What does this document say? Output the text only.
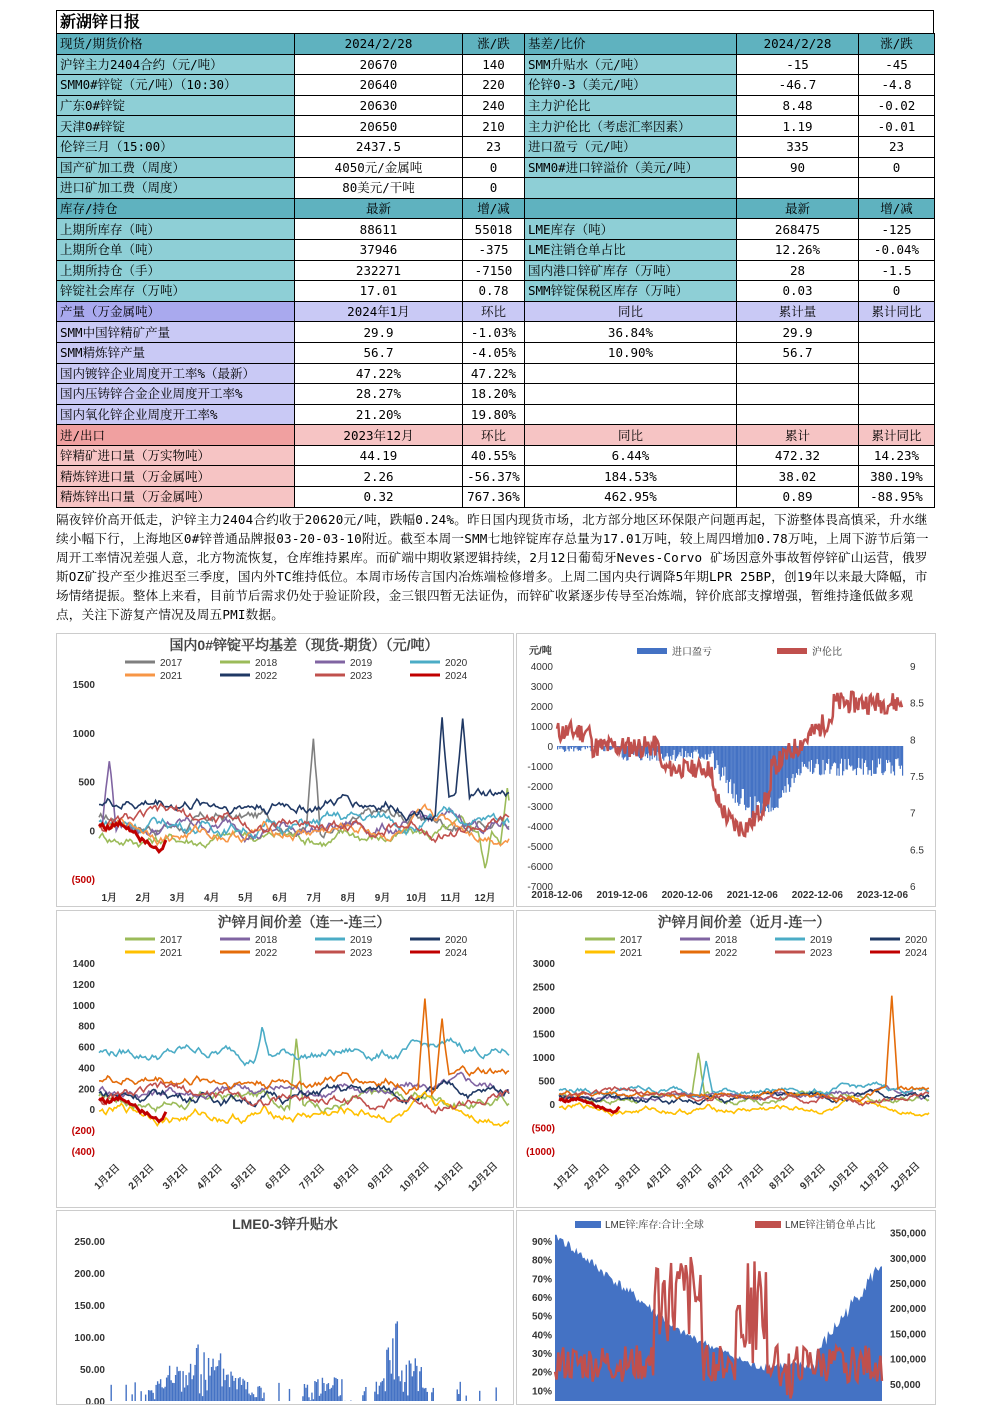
新湖锌日报
现货/期货价格	2024/2/28	涨/跌	基差/比价	2024/2/28	涨/跌
沪锌主力2404合约（元/吨）	20670	140	SMM升贴水（元/吨）	-15	-45
SMM0#锌锭（元/吨）（10:30）	20640	220	伦锌0-3（美元/吨）	-46.7	-4.8
广东0#锌锭	20630	240	主力沪伦比	8.48	-0.02
天津0#锌锭	20650	210	主力沪伦比（考虑汇率因素）	1.19	-0.01
伦锌三月（15:00）	2437.5	23	进口盈亏（元/吨）	335	23
国产矿加工费（周度）	4050元/金属吨	0	SMM0#进口锌溢价（美元/吨）	90	0
进口矿加工费（周度）	80美元/干吨	0			
库存/持仓	最新	增/减		最新	增/减
上期所库存（吨）	88611	55018	LME库存（吨）	268475	-125
上期所仓单（吨）	37946	-375	LME注销仓单占比	12.26%	-0.04%
上期所持仓（手）	232271	-7150	国内港口锌矿库存（万吨）	28	-1.5
锌锭社会库存（万吨）	17.01	0.78	SMM锌锭保税区库存（万吨）	0.03	0
产量（万金属吨）	2024年1月	环比	同比	累计量	累计同比
SMM中国锌精矿产量	29.9	-1.03%	36.84%	29.9	
SMM精炼锌产量	56.7	-4.05%	10.90%	56.7	
国内镀锌企业周度开工率%（最新）	47.22%	47.22%			
国内压铸锌合金企业周度开工率%	28.27%	18.20%			
国内氧化锌企业周度开工率%	21.20%	19.80%			
进/出口	2023年12月	环比	同比	累计	累计同比
锌精矿进口量（万实物吨）	44.19	40.55%	6.44%	472.32	14.23%
精炼锌进口量（万金属吨）	2.26	-56.37%	184.53%	38.02	380.19%
精炼锌出口量（万金属吨）	0.32	767.36%	462.95%	0.89	-88.95%
隔夜锌价高开低走，沪锌主力2404合约收于20620元/吨，跌幅0.24%。昨日国内现货市场，北方部分地区环保限产问题再起，下游整体畏高慎采，升水继续小幅下行，上海地区0#锌普通品牌报03-20-03-10附近。截至本周一SMM七地锌锭库存总量为17.01万吨，较上周四增加0.78万吨，上周下游节后第一周开工率情况差强人意，北方物流恢复，仓库维持累库。而矿端中期收紧逻辑持续，2月12日葡萄牙Neves-Corvo 矿场因意外事故暂停锌矿山运营，俄罗斯OZ矿投产至少推迟至三季度，国内外TC维持低位。本周市场传言国内冶炼端检修增多。上周二国内央行调降5年期LPR 25BP，创19年以来最大降幅，市场情绪提振。整体上来看，目前节后需求仍处于验证阶段，金三银四暂无法证伪，而锌矿收紧逐步传导至冶炼端，锌价底部支撑增强，暂维持逢低做多观点，关注下游复产情况及周五PMI数据。
国内0#锌锭平均基差（现货-期货）（元/吨）
2017	2018	2019	2020
2021	2022	2023	2024
1500
1000
500
0
(500)
1月 2月 3月 4月 5月 6月 7月 8月 9月 10月 11月 12月
元/吨	进口盈亏	沪伦比
4000
3000
2000
1000
0
-1000
-2000
-3000
-4000
-5000
-6000
-7000
9
8.5
8
7.5
7
6.5
6
2018-12-06 2019-12-06 2020-12-06 2021-12-06 2022-12-06 2023-12-06
沪锌月间价差（连一-连三）
2017	2018	2019	2020
2021	2022	2023	2024
1400
1200
1000
800
600
400
200
0
(200)
(400)
1月2日 2月2日 3月2日 4月2日 5月2日 6月2日 7月2日 8月2日 9月2日 10月2日 11月2日 12月2日
沪锌月间价差（近月-连一）
2017	2018	2019	2020
2021	2022	2023	2024
3000
2500
2000
1500
1000
500
0
(500)
(1000)
1月2日 2月2日 3月2日 4月2日 5月2日 6月2日 7月2日 8月2日 9月2日 10月2日
11月2日
12月2日
LME0-3锌升贴水
250.00
200.00
150.00
100.00
50.00
0.00
LME锌:库存:合计:全球	LME锌注销仓单占比
90%
80%
70%
60%
50%
40%
30%
20%
10%
350,000
300,000
250,000
200,000
150,000
100,000
50,000
